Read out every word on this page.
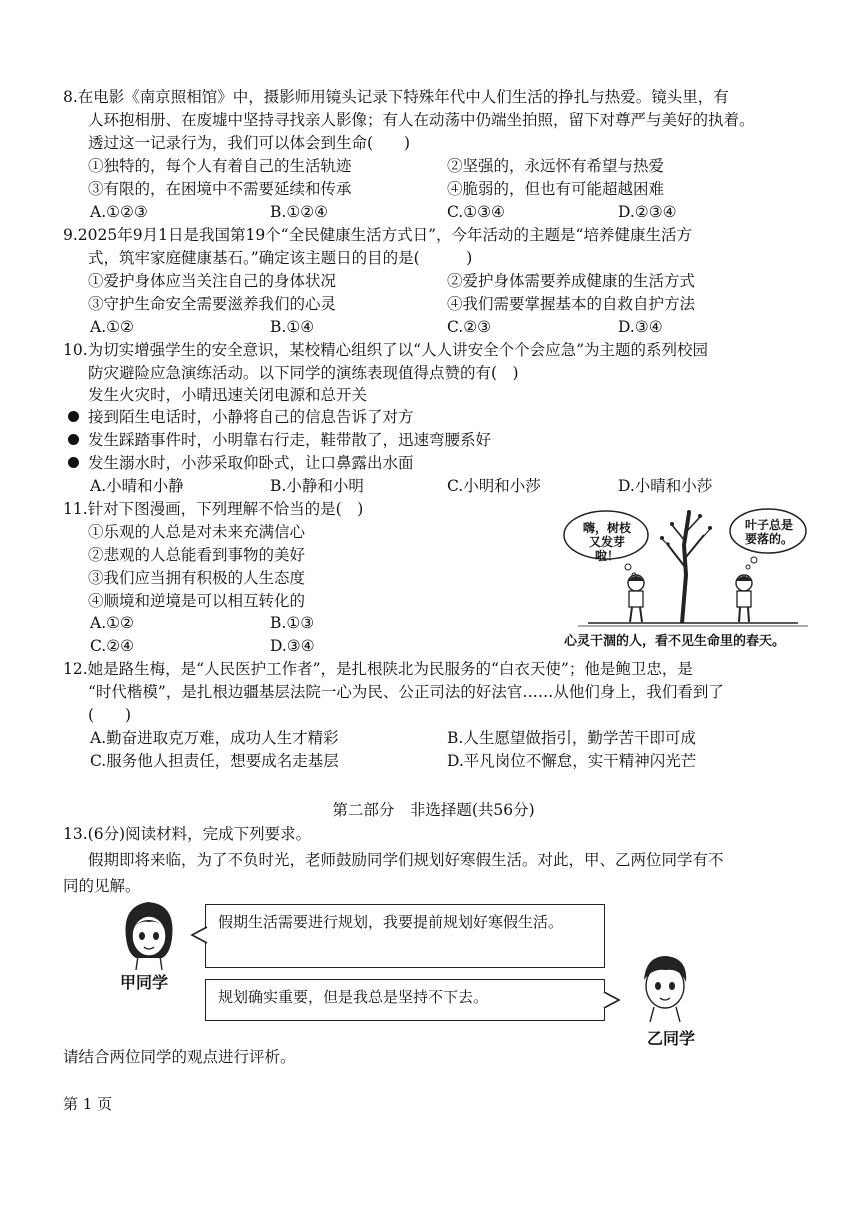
8.在电影《南京照相馆》中，摄影师用镜头记录下特殊年代中人们生活的挣扎与热爱。镜头里，有
人环抱相册、在废墟中坚持寻找亲人影像；有人在动荡中仍端坐拍照，留下对尊严与美好的执着。
透过这一记录行为，我们可以体会到生命(　　)
①独特的，每个人有着自己的生活轨迹	②坚强的，永远怀有希望与热爱
③有限的，在困境中不需要延续和传承	④脆弱的，但也有可能超越困难
A.①②③	B.①②④	C.①③④	D.②③④
9.2025年9月1日是我国第19个“全民健康生活方式日”，今年活动的主题是“培养健康生活方
式，筑牢家庭健康基石。”确定该主题日的目的是(　　　)
①爱护身体应当关注自己的身体状况	②爱护身体需要养成健康的生活方式
③守护生命安全需要滋养我们的心灵	④我们需要掌握基本的自救自护方法
A.①②	B.①④	C.②③	D.③④
10.为切实增强学生的安全意识，某校精心组织了以“人人讲安全个个会应急”为主题的系列校园
防灾避险应急演练活动。以下同学的演练表现值得点赞的有(　)
发生火灾时，小晴迅速关闭电源和总开关
接到陌生电话时，小静将自己的信息告诉了对方
发生踩踏事件时，小明靠右行走，鞋带散了，迅速弯腰系好
发生溺水时，小莎采取仰卧式，让口鼻露出水面
A.小晴和小静	B.小静和小明	C.小明和小莎	D.小晴和小莎
11.针对下图漫画，下列理解不恰当的是(　)
①乐观的人总是对未来充满信心
②悲观的人总能看到事物的美好
③我们应当拥有积极的人生态度
④顺境和逆境是可以相互转化的
A.①②	B.①③
C.②④	D.③④
嗨，树枝又发芽啦！
叶子总是要落的。
心灵干涸的人，看不见生命里的春天。
12.她是路生梅，是“人民医护工作者”，是扎根陕北为民服务的“白衣天使”；他是鲍卫忠，是
“时代楷模”，是扎根边疆基层法院一心为民、公正司法的好法官……从他们身上，我们看到了
(　　)
A.勤奋进取克万难，成功人生才精彩	B.人生愿望做指引，勤学苦干即可成
C.服务他人担责任，想要成名走基层	D.平凡岗位不懈怠，实干精神闪光芒
第二部分　非选择题(共56分)
13.(6分)阅读材料，完成下列要求。
假期即将来临，为了不负时光，老师鼓励同学们规划好寒假生活。对此，甲、乙两位同学有不
同的见解。
甲同学
假期生活需要进行规划，我要提前规划好寒假生活。
规划确实重要，但是我总是坚持不下去。
乙同学
请结合两位同学的观点进行评析。
第 1 页
